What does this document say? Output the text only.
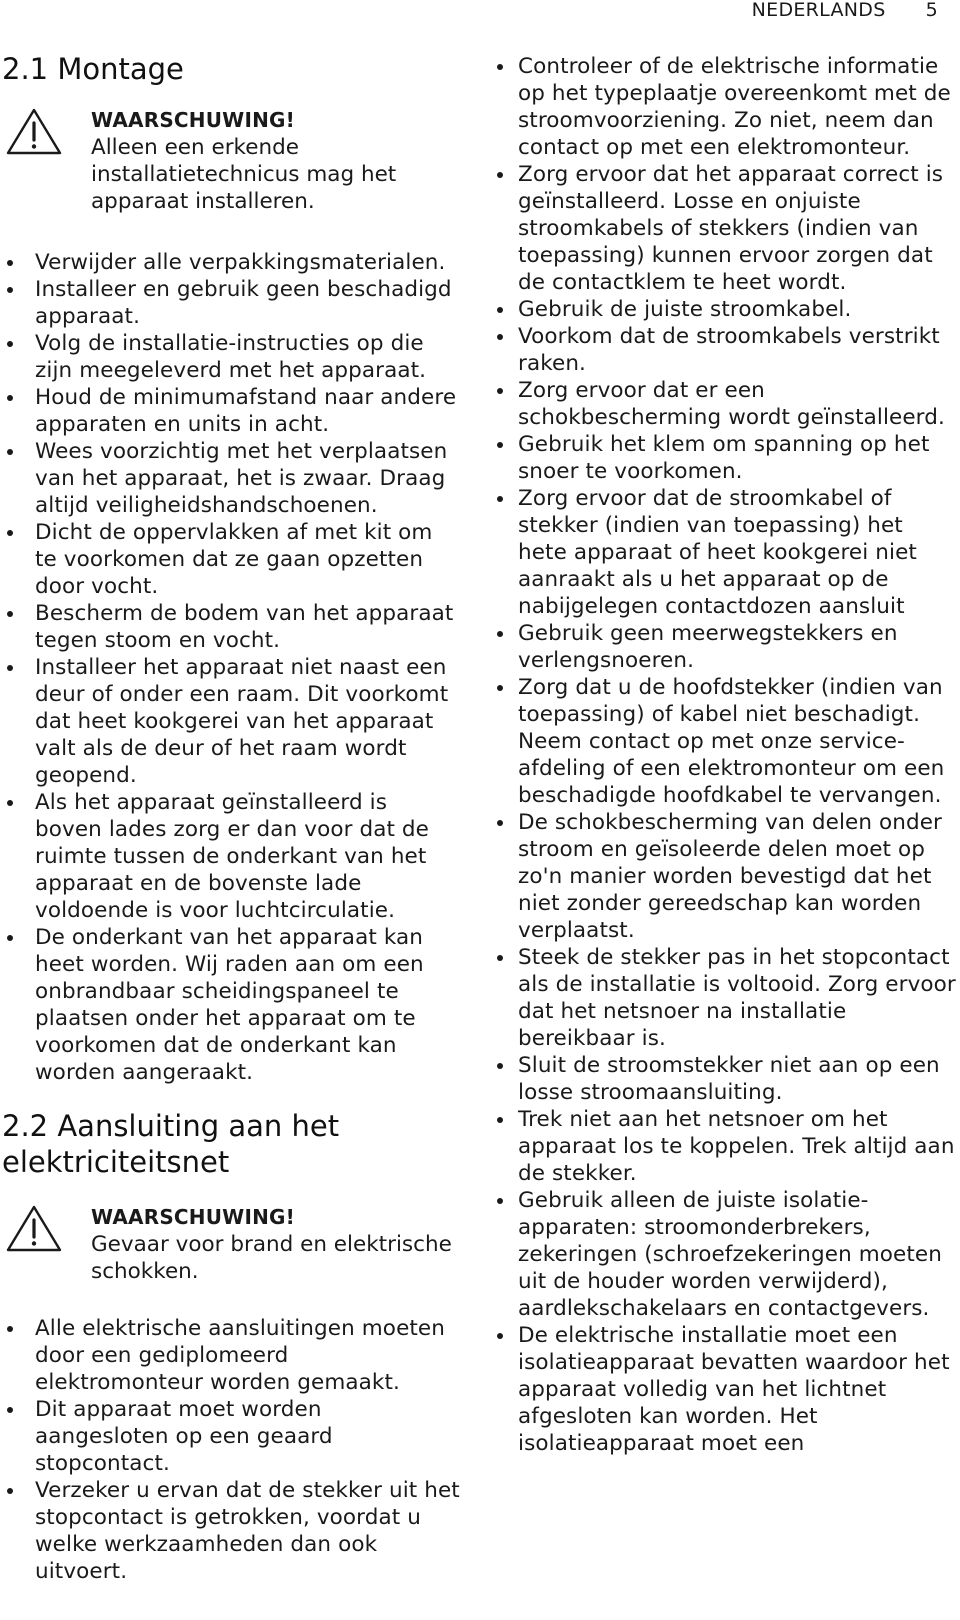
NEDERLANDS 5
2.1 Montage
WAARSCHUWING!
Alleen een erkende installatietechnicus mag het apparaat installeren.
Verwijder alle verpakkingsmaterialen.
Installeer en gebruik geen beschadigd apparaat.
Volg de installatie-instructies op die zijn meegeleverd met het apparaat.
Houd de minimumafstand naar andere apparaten en units in acht.
Wees voorzichtig met het verplaatsen van het apparaat, het is zwaar. Draag altijd veiligheidshandschoenen.
Dicht de oppervlakken af met kit om te voorkomen dat ze gaan opzetten door vocht.
Bescherm de bodem van het apparaat tegen stoom en vocht.
Installeer het apparaat niet naast een deur of onder een raam. Dit voorkomt dat heet kookgerei van het apparaat valt als de deur of het raam wordt geopend.
Als het apparaat geïnstalleerd is boven lades zorg er dan voor dat de ruimte tussen de onderkant van het apparaat en de bovenste lade voldoende is voor luchtcirculatie.
De onderkant van het apparaat kan heet worden. Wij raden aan om een onbrandbaar scheidingspaneel te plaatsen onder het apparaat om te voorkomen dat de onderkant kan worden aangeraakt.
2.2 Aansluiting aan het elektriciteitsnet
WAARSCHUWING!
Gevaar voor brand en elektrische schokken.
Alle elektrische aansluitingen moeten door een gediplomeerd elektromonteur worden gemaakt.
Dit apparaat moet worden aangesloten op een geaard stopcontact.
Verzeker u ervan dat de stekker uit het stopcontact is getrokken, voordat u welke werkzaamheden dan ook uitvoert.
Controleer of de elektrische informatie op het typeplaatje overeenkomt met de stroomvoorziening. Zo niet, neem dan contact op met een elektromonteur.
Zorg ervoor dat het apparaat correct is geïnstalleerd. Losse en onjuiste stroomkabels of stekkers (indien van toepassing) kunnen ervoor zorgen dat de contactklem te heet wordt.
Gebruik de juiste stroomkabel.
Voorkom dat de stroomkabels verstrikt raken.
Zorg ervoor dat er een schokbescherming wordt geïnstalleerd.
Gebruik het klem om spanning op het snoer te voorkomen.
Zorg ervoor dat de stroomkabel of stekker (indien van toepassing) het hete apparaat of heet kookgerei niet aanraakt als u het apparaat op de nabijgelegen contactdozen aansluit
Gebruik geen meerwegstekkers en verlengsnoeren.
Zorg dat u de hoofdstekker (indien van toepassing) of kabel niet beschadigt. Neem contact op met onze service-afdeling of een elektromonteur om een beschadigde hoofdkabel te vervangen.
De schokbescherming van delen onder stroom en geïsoleerde delen moet op zo'n manier worden bevestigd dat het niet zonder gereedschap kan worden verplaatst.
Steek de stekker pas in het stopcontact als de installatie is voltooid. Zorg ervoor dat het netsnoer na installatie bereikbaar is.
Sluit de stroomstekker niet aan op een losse stroomaansluiting.
Trek niet aan het netsnoer om het apparaat los te koppelen. Trek altijd aan de stekker.
Gebruik alleen de juiste isolatie-apparaten: stroomonderbrekers, zekeringen (schroefzekeringen moeten uit de houder worden verwijderd), aardlekschakelaars en contactgevers.
De elektrische installatie moet een isolatieapparaat bevatten waardoor het apparaat volledig van het lichtnet afgesloten kan worden. Het isolatieapparaat moet een
